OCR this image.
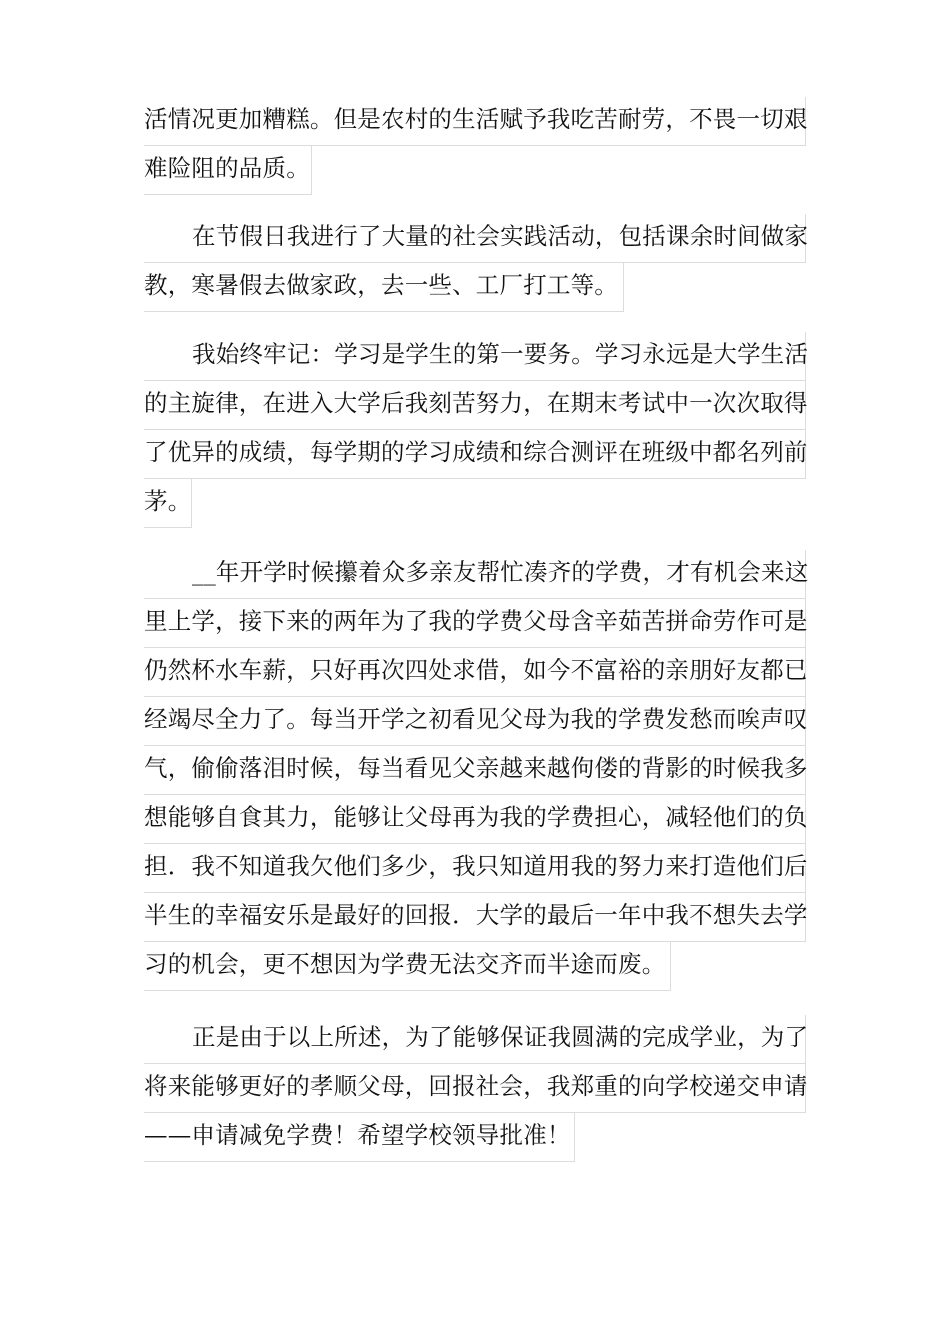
活情况更加糟糕。但是农村的生活赋予我吃苦耐劳，不畏一切艰
难险阻的品质。
在节假日我进行了大量的社会实践活动，包括课余时间做家
教，寒暑假去做家政，去一些、工厂打工等。
我始终牢记：学习是学生的第一要务。学习永远是大学生活
的主旋律，在进入大学后我刻苦努力，在期末考试中一次次取得
了优异的成绩，每学期的学习成绩和综合测评在班级中都名列前
茅。
__年开学时候攥着众多亲友帮忙凑齐的学费，才有机会来这
里上学，接下来的两年为了我的学费父母含辛茹苦拼命劳作可是
仍然杯水车薪，只好再次四处求借，如今不富裕的亲朋好友都已
经竭尽全力了。每当开学之初看见父母为我的学费发愁而唉声叹
气，偷偷落泪时候，每当看见父亲越来越佝偻的背影的时候我多
想能够自食其力，能够让父母再为我的学费担心，减轻他们的负
担．我不知道我欠他们多少，我只知道用我的努力来打造他们后
半生的幸福安乐是最好的回报．大学的最后一年中我不想失去学
习的机会，更不想因为学费无法交齐而半途而废。
正是由于以上所述，为了能够保证我圆满的完成学业，为了
将来能够更好的孝顺父母，回报社会，我郑重的向学校递交申请
——申请减免学费！希望学校领导批准！
